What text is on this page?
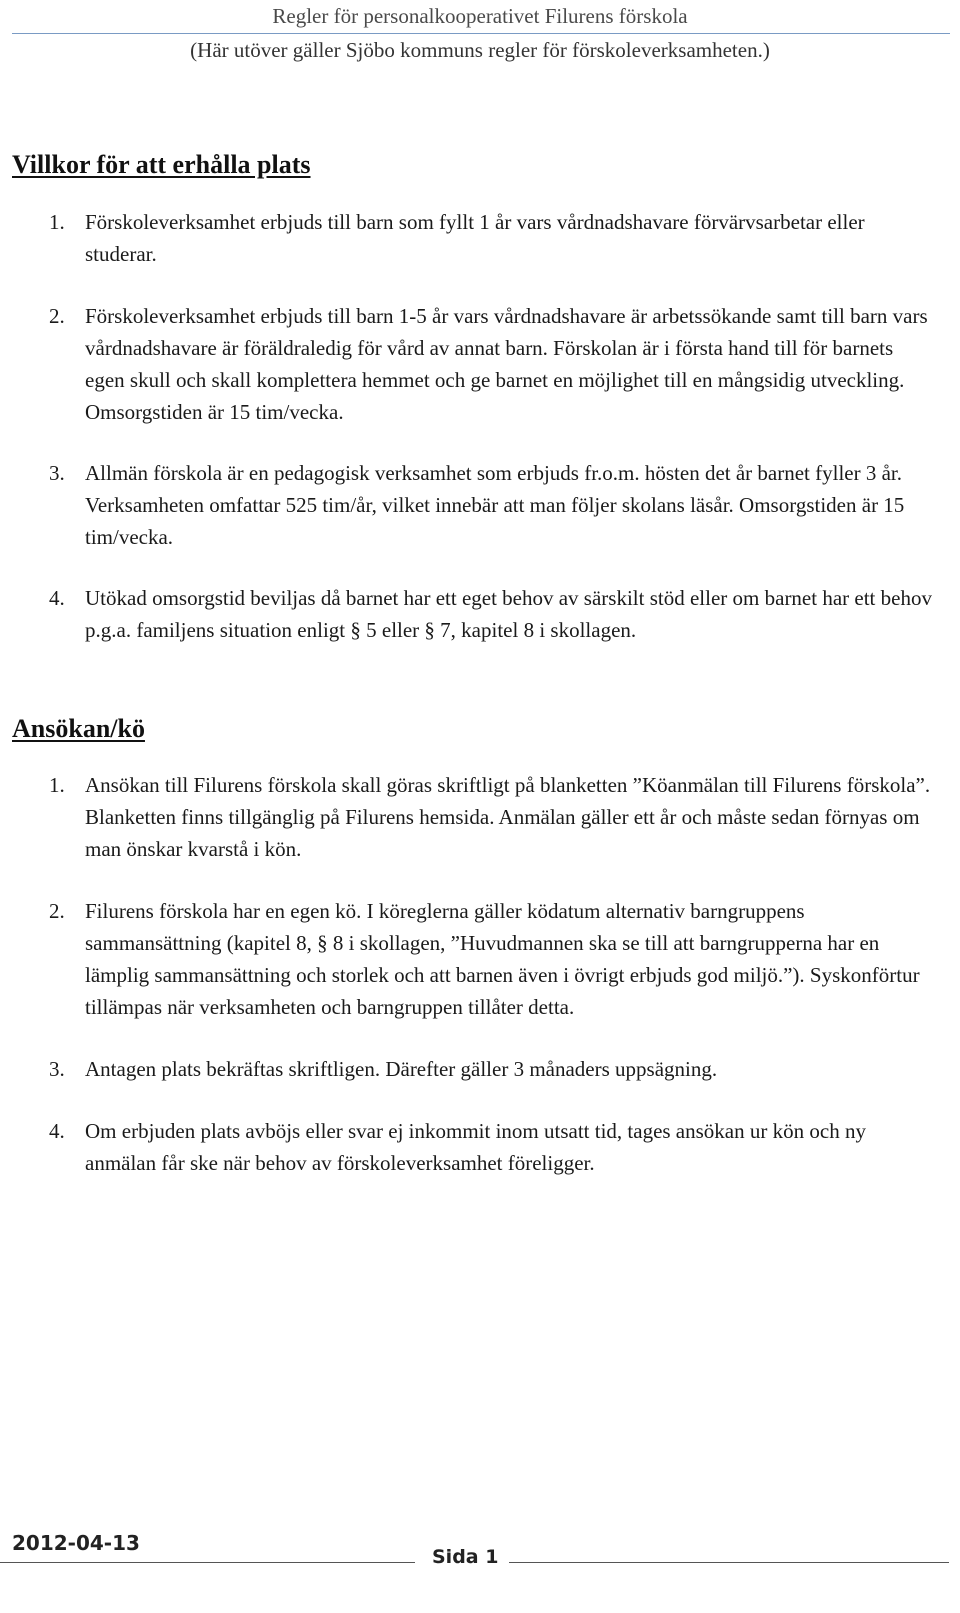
Regler för personalkooperativet Filurens förskola
(Här utöver gäller Sjöbo kommuns regler för förskoleverksamheten.)
Villkor för att erhålla plats
1. Förskoleverksamhet erbjuds till barn som fyllt 1 år vars vårdnadshavare förvärvsarbetar eller studerar.
2. Förskoleverksamhet erbjuds till barn 1-5 år vars vårdnadshavare är arbetssökande samt till barn vars vårdnadshavare är föräldraledig för vård av annat barn. Förskolan är i första hand till för barnets egen skull och skall komplettera hemmet och ge barnet en möjlighet till en mångsidig utveckling. Omsorgstiden är 15 tim/vecka.
3. Allmän förskola är en pedagogisk verksamhet som erbjuds fr.o.m. hösten det år barnet fyller 3 år. Verksamheten omfattar 525 tim/år, vilket innebär att man följer skolans läsår. Omsorgstiden är 15 tim/vecka.
4. Utökad omsorgstid beviljas då barnet har ett eget behov av särskilt stöd eller om barnet har ett behov p.g.a. familjens situation enligt § 5 eller § 7, kapitel 8 i skollagen.
Ansökan/kö
1. Ansökan till Filurens förskola skall göras skriftligt på blanketten ”Köanmälan till Filurens förskola”. Blanketten finns tillgänglig på Filurens hemsida. Anmälan gäller ett år och måste sedan förnyas om man önskar kvarstå i kön.
2. Filurens förskola har en egen kö. I köreglerna gäller ködatum alternativ barngruppens sammansättning (kapitel 8, § 8 i skollagen, ”Huvudmannen ska se till att barngrupperna har en lämplig sammansättning och storlek och att barnen även i övrigt erbjuds god miljö.”). Syskonförtur tillämpas när verksamheten och barngruppen tillåter detta.
3. Antagen plats bekräftas skriftligen. Därefter gäller 3 månaders uppsägning.
4. Om erbjuden plats avböjs eller svar ej inkommit inom utsatt tid, tages ansökan ur kön och ny anmälan får ske när behov av förskoleverksamhet föreligger.
2012-04-13
Sida 1
